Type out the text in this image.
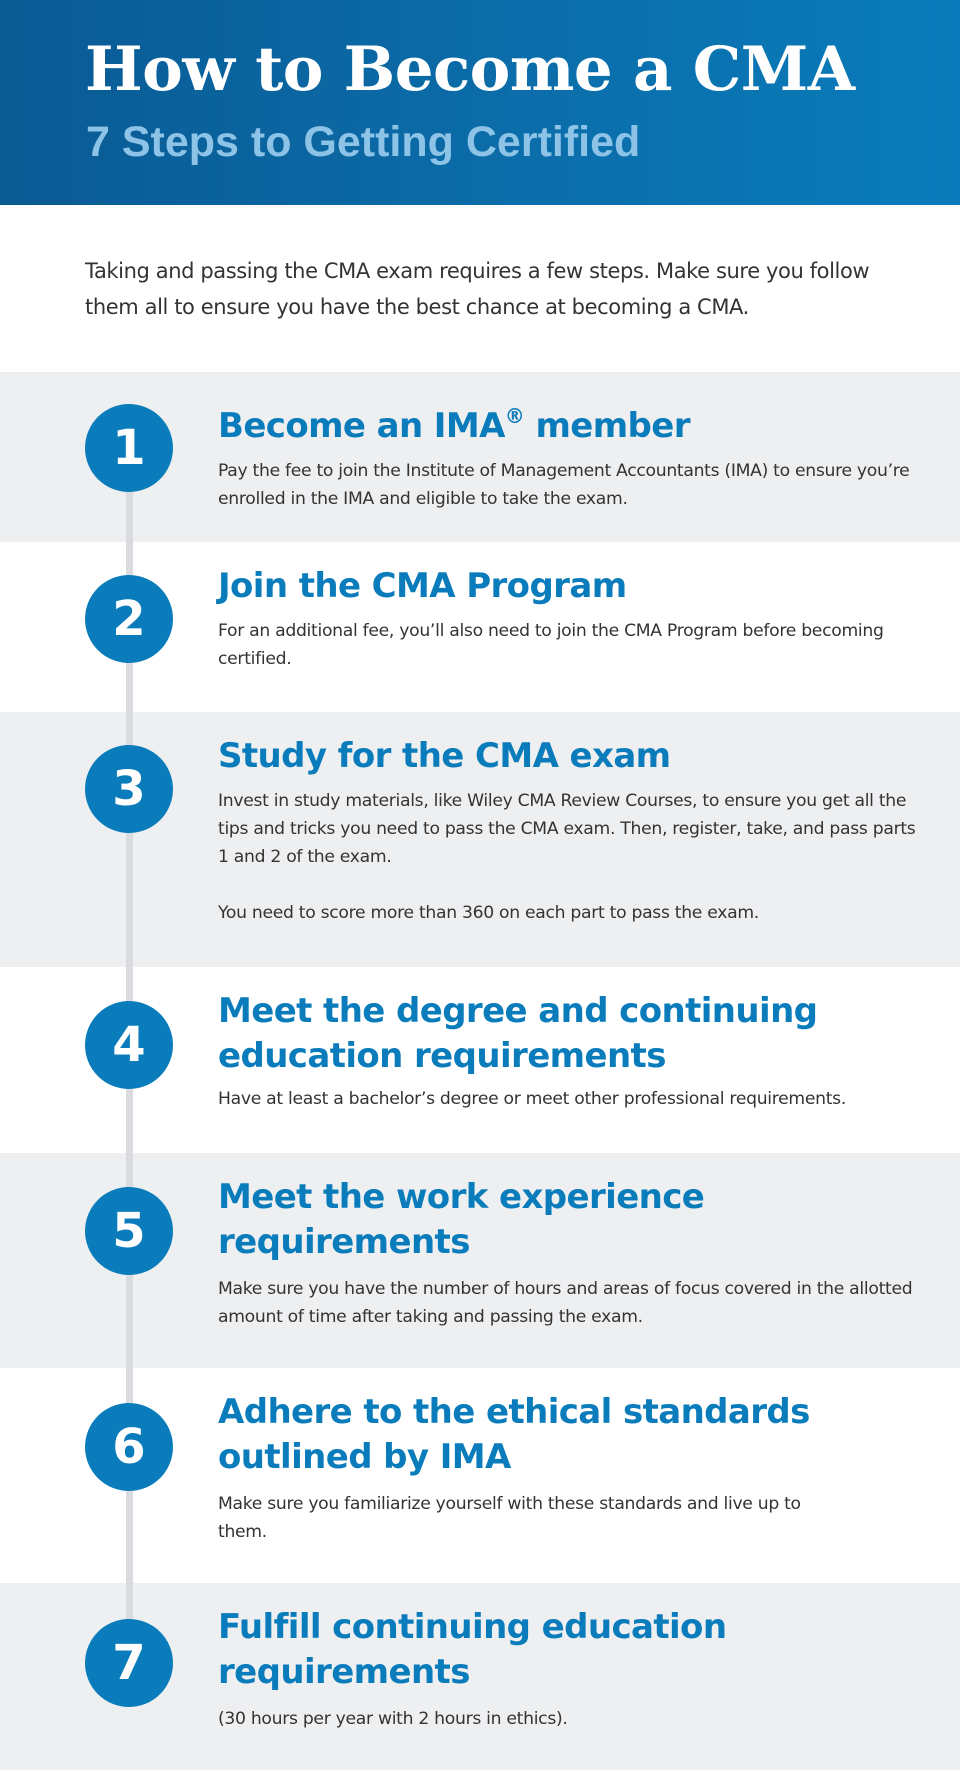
How to Become a CMA
7 Steps to Getting Certified

Taking and passing the CMA exam requires a few steps. Make sure you follow them all to ensure you have the best chance at becoming a CMA.

1	Become an IMA® member

Pay the fee to join the Institute of Management Accountants (IMA) to ensure you’re enrolled in the IMA and eligible to take the exam.

2
Join the CMA Program

For an additional fee, you’ll also need to join the CMA Program before becoming certified.

3
Study for the CMA exam

Invest in study materials, like Wiley CMA Review Courses, to ensure you get all the tips and tricks you need to pass the CMA exam. Then, register, take, and pass parts 1 and 2 of the exam.

You need to score more than 360 on each part to pass the exam.

4
Meet the degree and continuing education requirements

Have at least a bachelor’s degree or meet other professional requirements.

5
Meet the work experience requirements

Make sure you have the number of hours and areas of focus covered in the allotted amount of time after taking and passing the exam.

6
Adhere to the ethical standards outlined by IMA

Make sure you familiarize yourself with these standards and live up to them.

7
Fulfill continuing education requirements

(30 hours per year with 2 hours in ethics).
